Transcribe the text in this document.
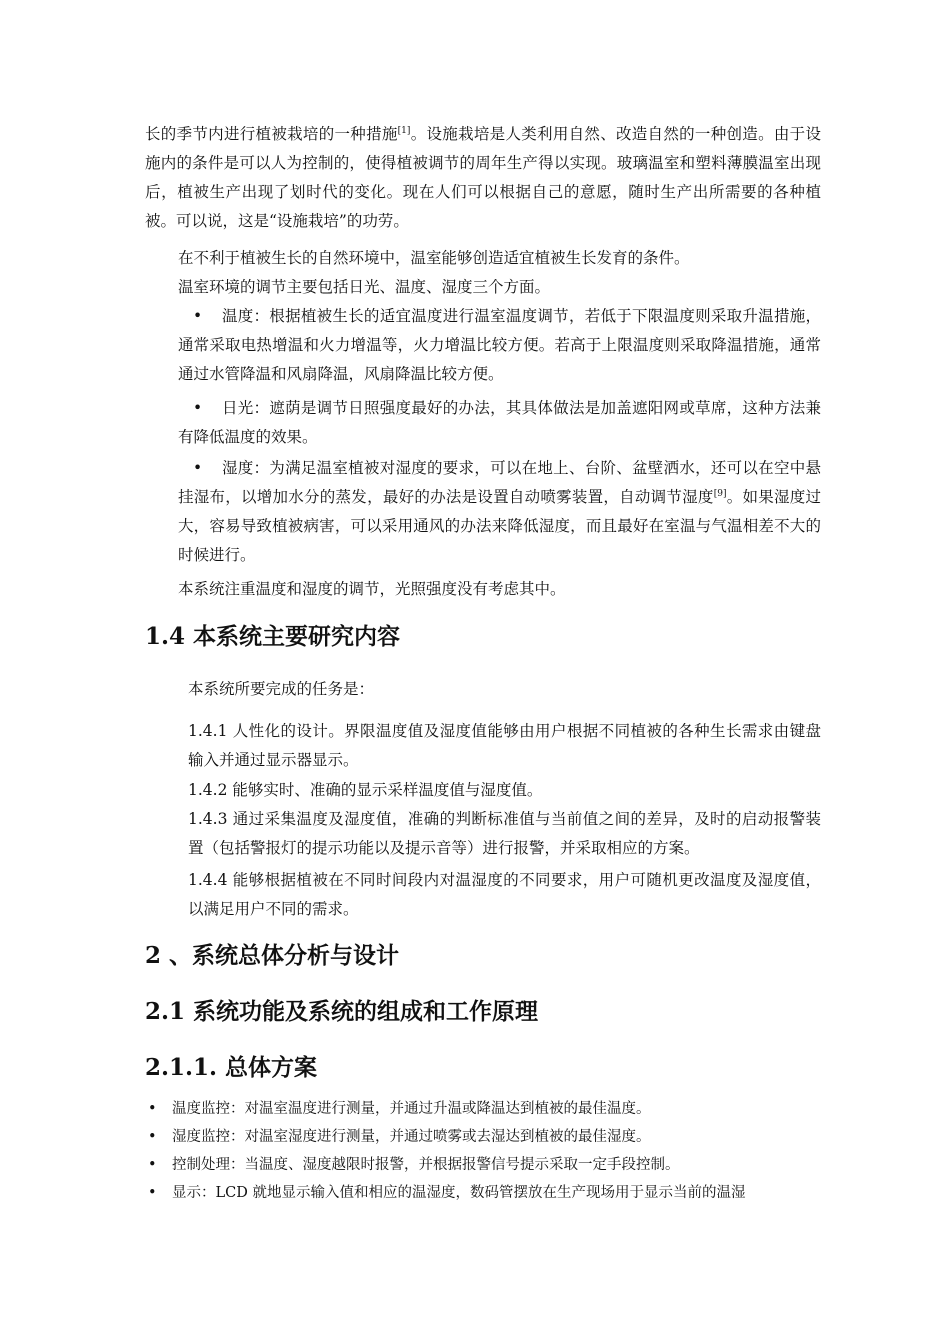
长的季节内进行植被栽培的一种措施[1]。设施栽培是人类利用自然、改造自然的一种创造。由于设施内的条件是可以人为控制的，使得植被调节的周年生产得以实现。玻璃温室和塑料薄膜温室出现后，植被生产出现了划时代的变化。现在人们可以根据自己的意愿，随时生产出所需要的各种植被。可以说，这是“设施栽培”的功劳。

在不利于植被生长的自然环境中，温室能够创造适宜植被生长发育的条件。

温室环境的调节主要包括日光、温度、湿度三个方面。

•	温度：根据植被生长的适宜温度进行温室温度调节，若低于下限温度则采取升温措施，通常采取电热增温和火力增温等，火力增温比较方便。若高于上限温度则采取降温措施，通常通过水管降温和风扇降温，风扇降温比较方便。

•	日光：遮荫是调节日照强度最好的办法，其具体做法是加盖遮阳网或草席，这种方法兼有降低温度的效果。

•	湿度：为满足温室植被对湿度的要求，可以在地上、台阶、盆壁洒水，还可以在空中悬挂湿布，以增加水分的蒸发，最好的办法是设置自动喷雾装置，自动调节湿度[9]。如果湿度过大，容易导致植被病害，可以采用通风的办法来降低湿度，而且最好在室温与气温相差不大的时候进行。

本系统注重温度和湿度的调节，光照强度没有考虑其中。

1.4 本系统主要研究内容

本系统所要完成的任务是：

1.4.1 人性化的设计。界限温度值及湿度值能够由用户根据不同植被的各种生长需求由键盘输入并通过显示器显示。

1.4.2 能够实时、准确的显示采样温度值与湿度值。

1.4.3 通过采集温度及湿度值，准确的判断标准值与当前值之间的差异，及时的启动报警装置（包括警报灯的提示功能以及提示音等）进行报警，并采取相应的方案。

1.4.4 能够根据植被在不同时间段内对温湿度的不同要求，用户可随机更改温度及湿度值，以满足用户不同的需求。

2 、系统总体分析与设计
2.1 系统功能及系统的组成和工作原理
2.1.1. 总体方案
• 温度监控：对温室温度进行测量，并通过升温或降温达到植被的最佳温度。
• 湿度监控：对温室湿度进行测量，并通过喷雾或去湿达到植被的最佳湿度。
• 控制处理：当温度、湿度越限时报警，并根据报警信号提示采取一定手段控制。
• 显示：LCD 就地显示输入值和相应的温湿度，数码管摆放在生产现场用于显示当前的温湿
